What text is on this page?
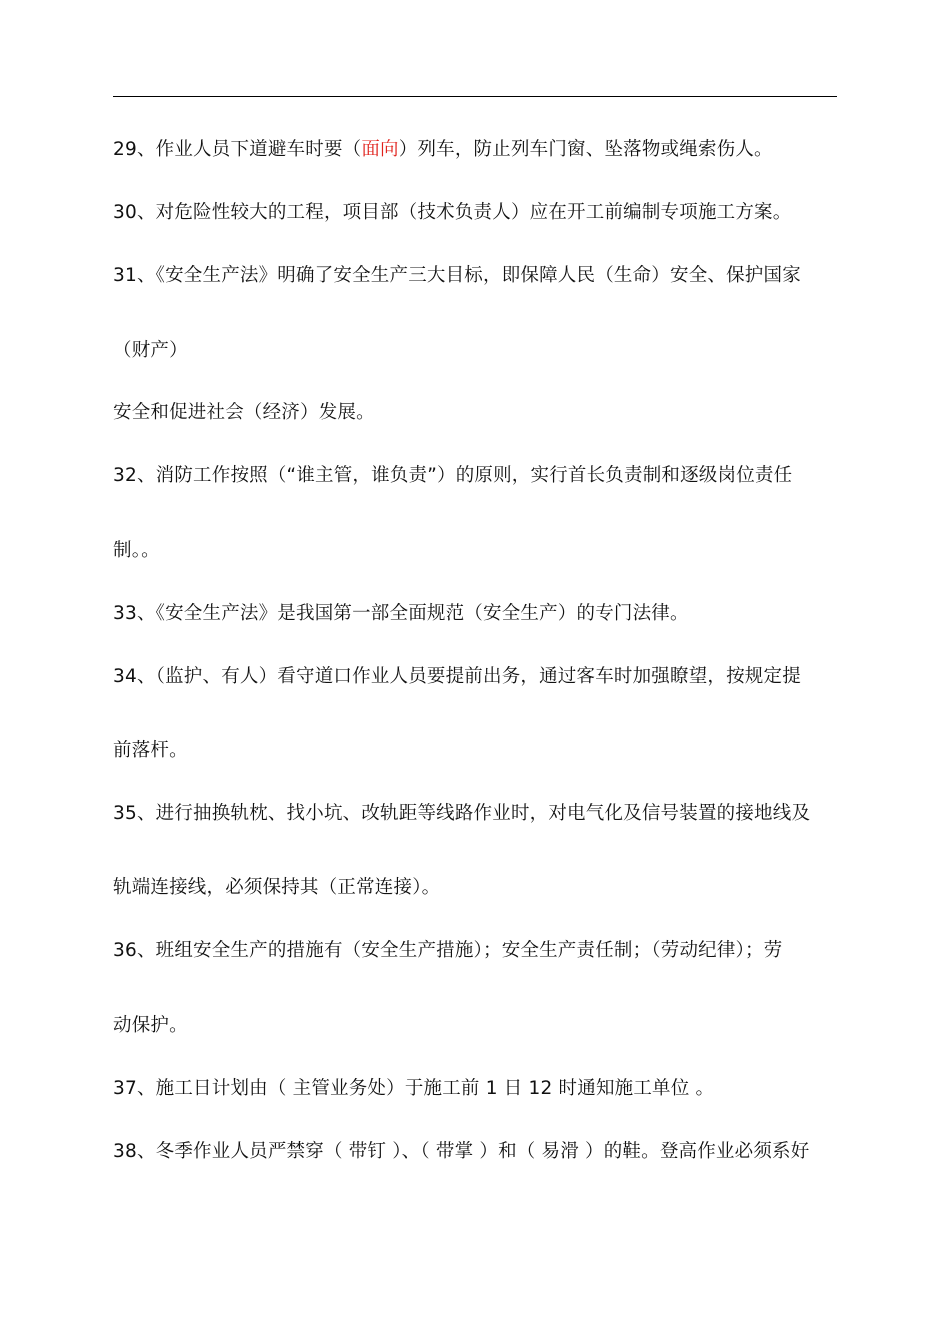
29、作业人员下道避车时要（面向）列车，防止列车门窗、坠落物或绳索伤人。
30、对危险性较大的工程，项目部（技术负责人）应在开工前编制专项施工方案。
31、《安全生产法》明确了安全生产三大目标，即保障人民（生命）安全、保护国家
（财产）
安全和促进社会（经济）发展。
32、消防工作按照（“谁主管，谁负责”）的原则，实行首长负责制和逐级岗位责任
制。。
33、《安全生产法》是我国第一部全面规范（安全生产）的专门法律。
34、（监护、有人）看守道口作业人员要提前出务，通过客车时加强瞭望，按规定提
前落杆。
35、进行抽换轨枕、找小坑、改轨距等线路作业时，对电气化及信号装置的接地线及
轨端连接线，必须保持其（正常连接）。
36、班组安全生产的措施有（安全生产措施）；安全生产责任制；（劳动纪律）；劳
动保护。
37、施工日计划由（ 主管业务处）于施工前 1 日 12 时通知施工单位 。
38、冬季作业人员严禁穿（ 带钉 ）、（ 带掌 ）和（ 易滑 ）的鞋。登高作业必须系好
